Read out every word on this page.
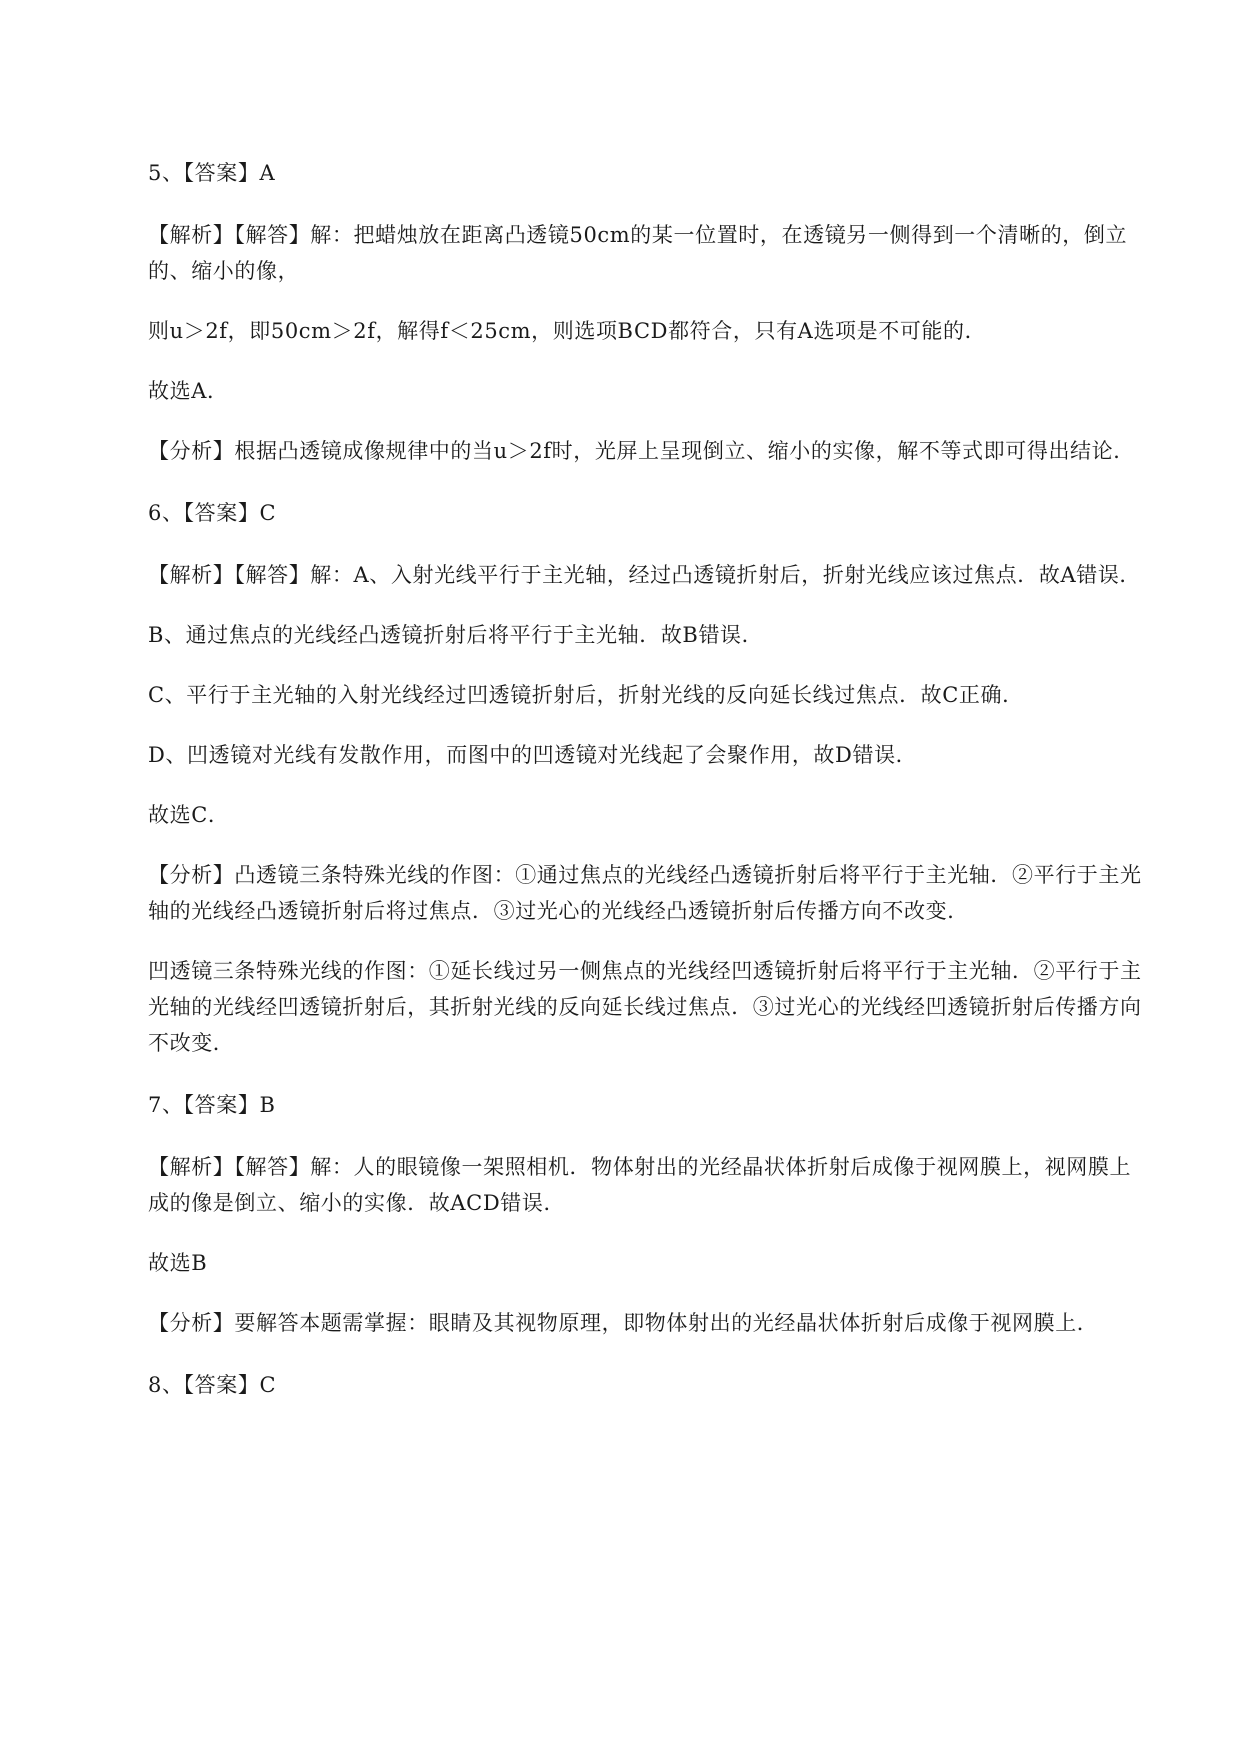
5、【答案】A

【解析】【解答】解：把蜡烛放在距离凸透镜50cm的某一位置时，在透镜另一侧得到一个清晰的，倒立的、缩小的像，

则u＞2f，即50cm＞2f，解得f＜25cm，则选项BCD都符合，只有A选项是不可能的．

故选A．

【分析】根据凸透镜成像规律中的当u＞2f时，光屏上呈现倒立、缩小的实像，解不等式即可得出结论．

6、【答案】C

【解析】【解答】解：A、入射光线平行于主光轴，经过凸透镜折射后，折射光线应该过焦点．故A错误．

B、通过焦点的光线经凸透镜折射后将平行于主光轴．故B错误．

C、平行于主光轴的入射光线经过凹透镜折射后，折射光线的反向延长线过焦点．故C正确．

D、凹透镜对光线有发散作用，而图中的凹透镜对光线起了会聚作用，故D错误．

故选C．

【分析】凸透镜三条特殊光线的作图：①通过焦点的光线经凸透镜折射后将平行于主光轴．②平行于主光轴的光线经凸透镜折射后将过焦点．③过光心的光线经凸透镜折射后传播方向不改变．

凹透镜三条特殊光线的作图：①延长线过另一侧焦点的光线经凹透镜折射后将平行于主光轴．②平行于主光轴的光线经凹透镜折射后，其折射光线的反向延长线过焦点．③过光心的光线经凹透镜折射后传播方向不改变．

7、【答案】B

【解析】【解答】解：人的眼镜像一架照相机．物体射出的光经晶状体折射后成像于视网膜上，视网膜上成的像是倒立、缩小的实像．故ACD错误．

故选B

【分析】要解答本题需掌握：眼睛及其视物原理，即物体射出的光经晶状体折射后成像于视网膜上．

8、【答案】C
